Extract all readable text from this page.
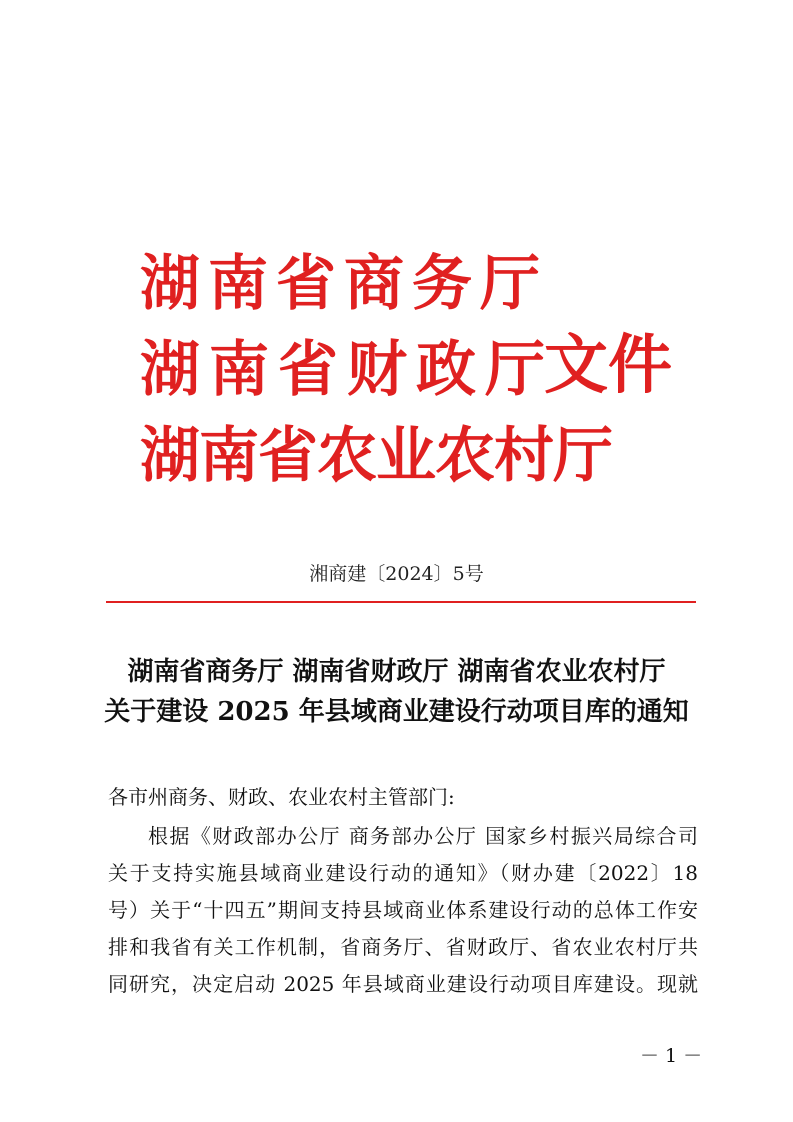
湖南省商务厅
湖南省财政厅
湖南省农业农村厅
文件
湘商建〔2024〕5号
湖南省商务厅 湖南省财政厅 湖南省农业农村厅
关于建设 2025 年县域商业建设行动项目库的通知
各市州商务、财政、农业农村主管部门:
根据《财政部办公厅 商务部办公厅 国家乡村振兴局综合司
关于支持实施县域商业建设行动的通知》（财办建〔2022〕18
号）关于“十四五”期间支持县域商业体系建设行动的总体工作安
排和我省有关工作机制，省商务厅、省财政厅、省农业农村厅共
同研究，决定启动 2025 年县域商业建设行动项目库建设。现就
－ 1 －
